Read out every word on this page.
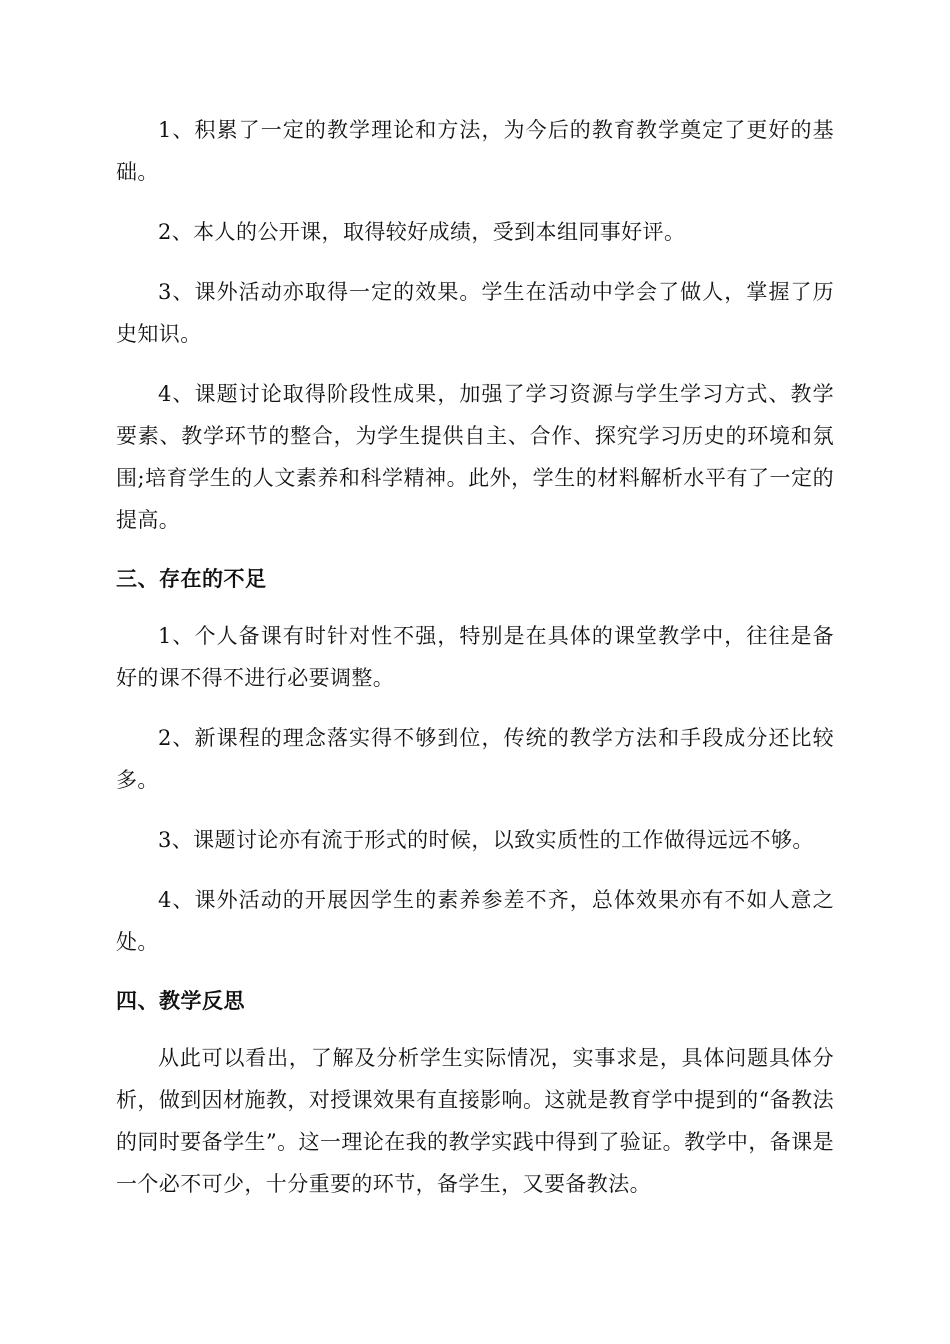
1、积累了一定的教学理论和方法，为今后的教育教学奠定了更好的基础。

2、本人的公开课，取得较好成绩，受到本组同事好评。

3、课外活动亦取得一定的效果。学生在活动中学会了做人，掌握了历史知识。

4、课题讨论取得阶段性成果，加强了学习资源与学生学习方式、教学要素、教学环节的整合，为学生提供自主、合作、探究学习历史的环境和氛围;培育学生的人文素养和科学精神。此外，学生的材料解析水平有了一定的提高。

三、存在的不足

1、个人备课有时针对性不强，特别是在具体的课堂教学中，往往是备好的课不得不进行必要调整。

2、新课程的理念落实得不够到位，传统的教学方法和手段成分还比较多。

3、课题讨论亦有流于形式的时候，以致实质性的工作做得远远不够。

4、课外活动的开展因学生的素养参差不齐，总体效果亦有不如人意之处。

四、教学反思

从此可以看出，了解及分析学生实际情况，实事求是，具体问题具体分析，做到因材施教，对授课效果有直接影响。这就是教育学中提到的“备教法的同时要备学生”。这一理论在我的教学实践中得到了验证。教学中，备课是一个必不可少，十分重要的环节，备学生，又要备教法。
